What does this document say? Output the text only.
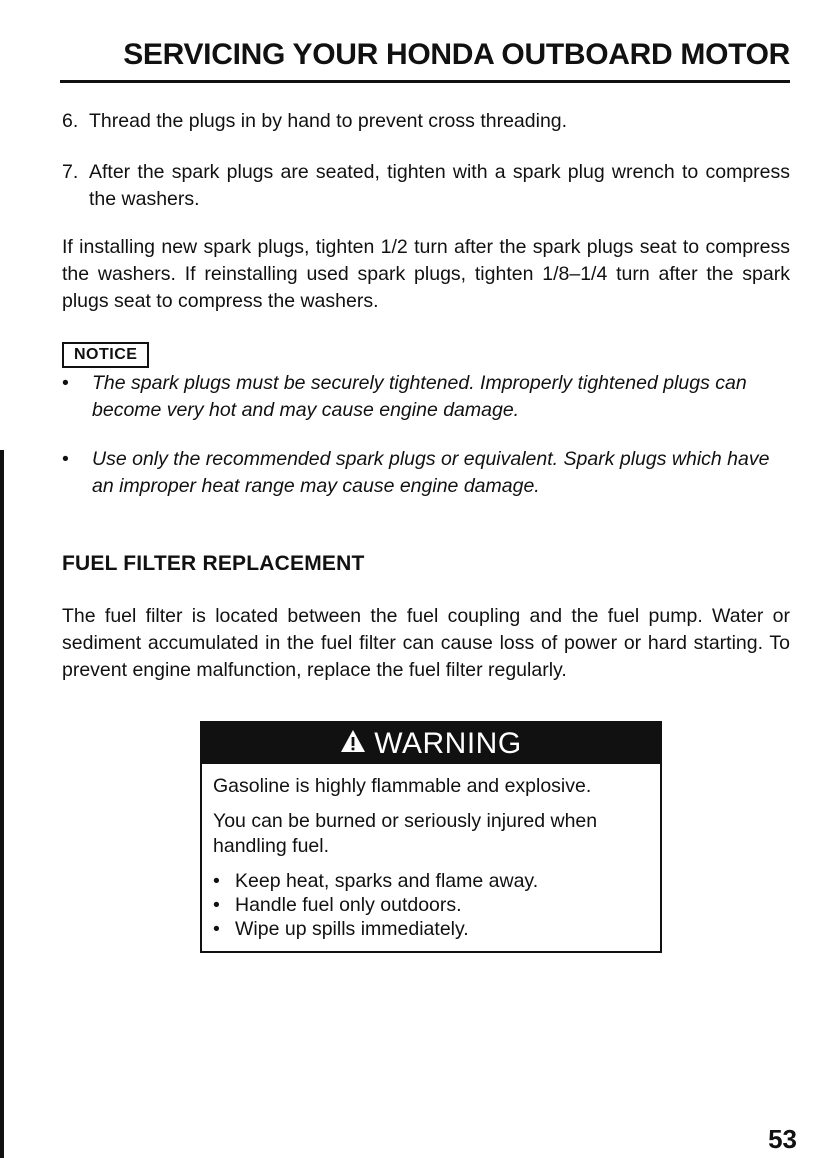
SERVICING YOUR HONDA OUTBOARD MOTOR
6. Thread the plugs in by hand to prevent cross threading.
7. After the spark plugs are seated, tighten with a spark plug wrench to compress the washers.
If installing new spark plugs, tighten 1/2 turn after the spark plugs seat to compress the washers. If reinstalling used spark plugs, tighten 1/8–1/4 turn after the spark plugs seat to compress the washers.
NOTICE
•	The spark plugs must be securely tightened. Improperly tightened plugs can become very hot and may cause engine damage.
•	Use only the recommended spark plugs or equivalent. Spark plugs which have an improper heat range may cause engine damage.
FUEL FILTER REPLACEMENT
The fuel filter is located between the fuel coupling and the fuel pump. Water or sediment accumulated in the fuel filter can cause loss of power or hard starting. To prevent engine malfunction, replace the fuel filter regularly.
WARNING

Gasoline is highly flammable and explosive.

You can be burned or seriously injured when handling fuel.

• Keep heat, sparks and flame away.
• Handle fuel only outdoors.
• Wipe up spills immediately.
53
